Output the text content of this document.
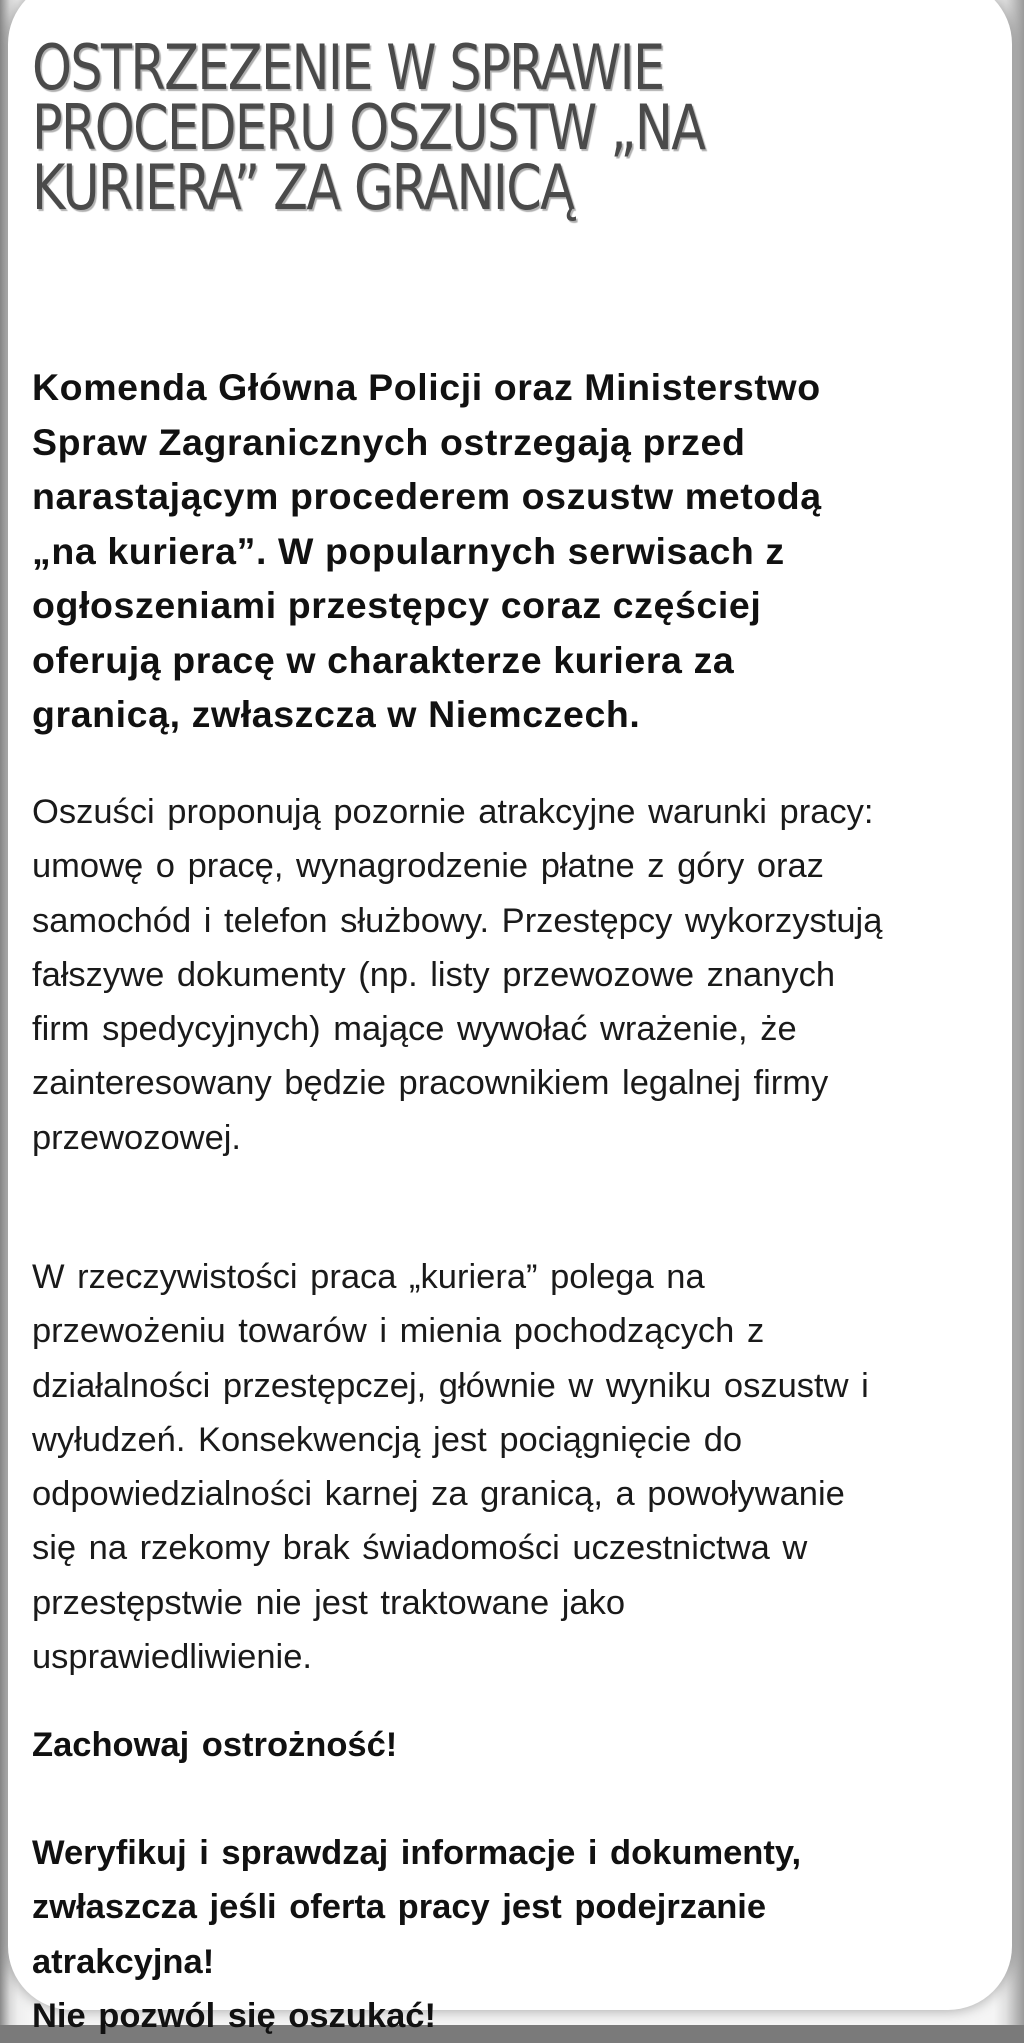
OSTRZEZENIE W SPRAWIE
PROCEDERU OSZUSTW „NA
KURIERA” ZA GRANICĄ

Komenda Główna Policji oraz Ministerstwo
Spraw Zagranicznych ostrzegają przed
narastającym procederem oszustw metodą
„na kuriera”. W popularnych serwisach z
ogłoszeniami przestępcy coraz częściej
oferują pracę w charakterze kuriera za
granicą, zwłaszcza w Niemczech.

Oszuści proponują pozornie atrakcyjne warunki pracy:
umowę o pracę, wynagrodzenie płatne z góry oraz
samochód i telefon służbowy. Przestępcy wykorzystują
fałszywe dokumenty (np. listy przewozowe znanych
firm spedycyjnych) mające wywołać wrażenie, że
zainteresowany będzie pracownikiem legalnej firmy
przewozowej.

W rzeczywistości praca „kuriera” polega na
przewożeniu towarów i mienia pochodzących z
działalności przestępczej, głównie w wyniku oszustw i
wyłudzeń. Konsekwencją jest pociągnięcie do
odpowiedzialności karnej za granicą, a powoływanie
się na rzekomy brak świadomości uczestnictwa w
przestępstwie nie jest traktowane jako
usprawiedliwienie.

Zachowaj ostrożność!

Weryfikuj i sprawdzaj informacje i dokumenty,
zwłaszcza jeśli oferta pracy jest podejrzanie
atrakcyjna!
Nie pozwól się oszukać!
